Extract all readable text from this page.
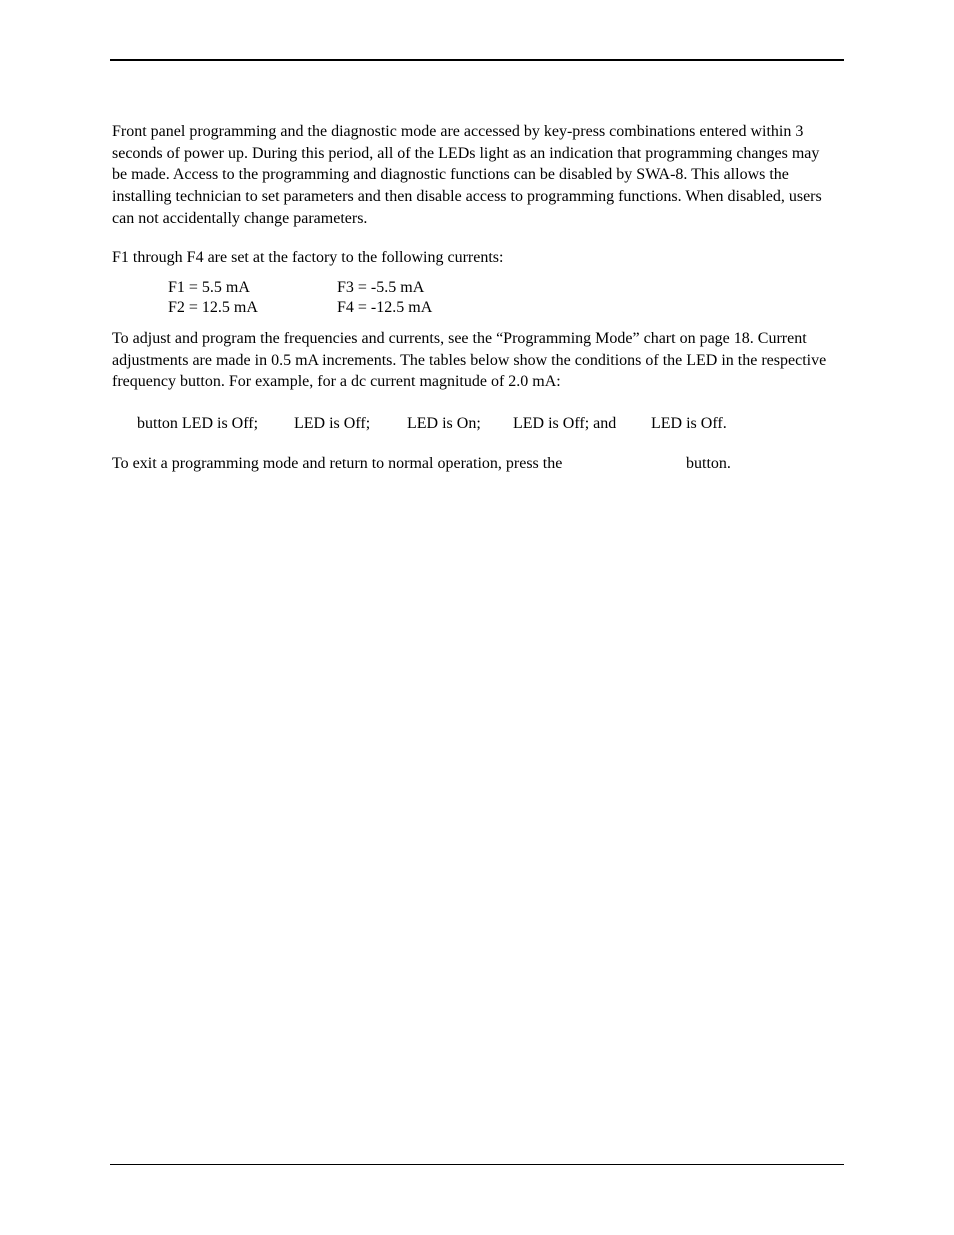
Front panel programming and the diagnostic mode are accessed by key-press combinations entered within 3 seconds of power up. During this period, all of the LEDs light as an indication that programming changes may be made. Access to the programming and diagnostic functions can be disabled by SWA-8. This allows the installing technician to set parameters and then disable access to programming functions. When disabled, users can not accidentally change parameters.

F1 through F4 are set at the factory to the following currents:

F1 = 5.5 mA

F2 = 12.5 mA

F3 = -5.5 mA

F4 = -12.5 mA

To adjust and program the frequencies and currents, see the “Programming Mode” chart on page 18. Current adjustments are made in 0.5 mA increments. The tables below show the conditions of the LED in the respective frequency button. For example, for a dc current magnitude of 2.0 mA:

button LED is Off; LED is Off; LED is On; LED is Off; and LED is Off.

To exit a programming mode and return to normal operation, press the	button.
